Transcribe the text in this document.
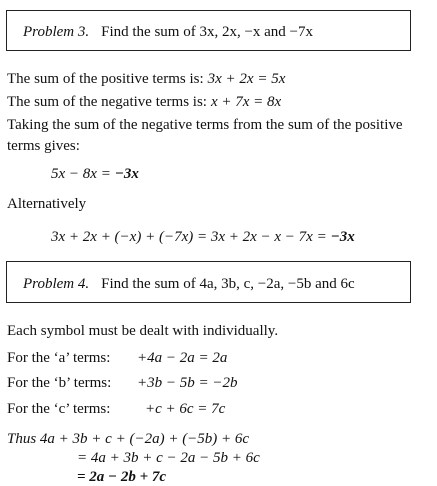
Problem 3. Find the sum of 3x, 2x, −x and −7x
The sum of the positive terms is: 3x + 2x = 5x
The sum of the negative terms is: x + 7x = 8x
Taking the sum of the negative terms from the sum of the positive
terms gives:
5x − 8x = −3x
Alternatively
3x + 2x + (−x) + (−7x) = 3x + 2x − x − 7x = −3x
Problem 4. Find the sum of 4a, 3b, c, −2a, −5b and 6c
Each symbol must be dealt with individually.
For the ‘a’ terms: +4a − 2a = 2a
For the ‘b’ terms: +3b − 5b = −2b
For the ‘c’ terms: +c + 6c = 7c
Thus 4a + 3b + c + (−2a) + (−5b) + 6c
= 4a + 3b + c − 2a − 5b + 6c
= 2a − 2b + 7c
